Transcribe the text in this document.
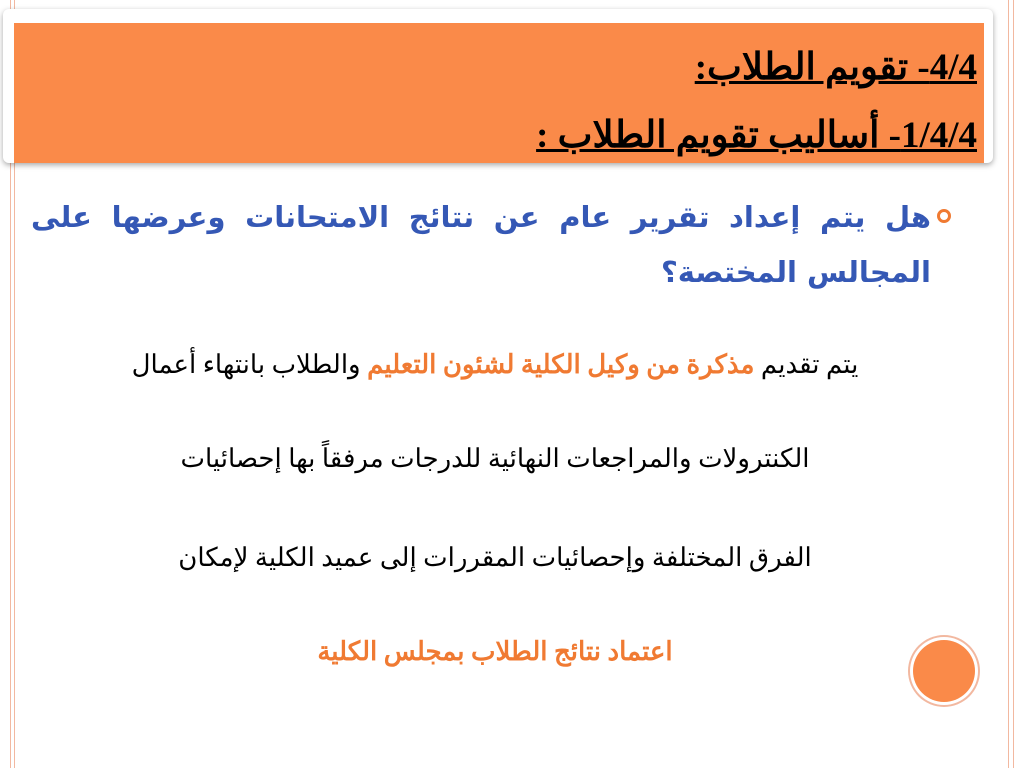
4/4- تقويم الطلاب:
1/4/4- أساليب تقويم الطلاب :
هل يتم إعداد تقرير عام عن نتائج الامتحانات وعرضها على المجالس المختصة؟
يتم تقديم مذكرة من وكيل الكلية لشئون التعليم والطلاب بانتهاء أعمال
الكنترولات والمراجعات النهائية للدرجات مرفقاً بها إحصائيات
الفرق المختلفة وإحصائيات المقررات إلى عميد الكلية لإمكان
اعتماد نتائج الطلاب بمجلس الكلية
